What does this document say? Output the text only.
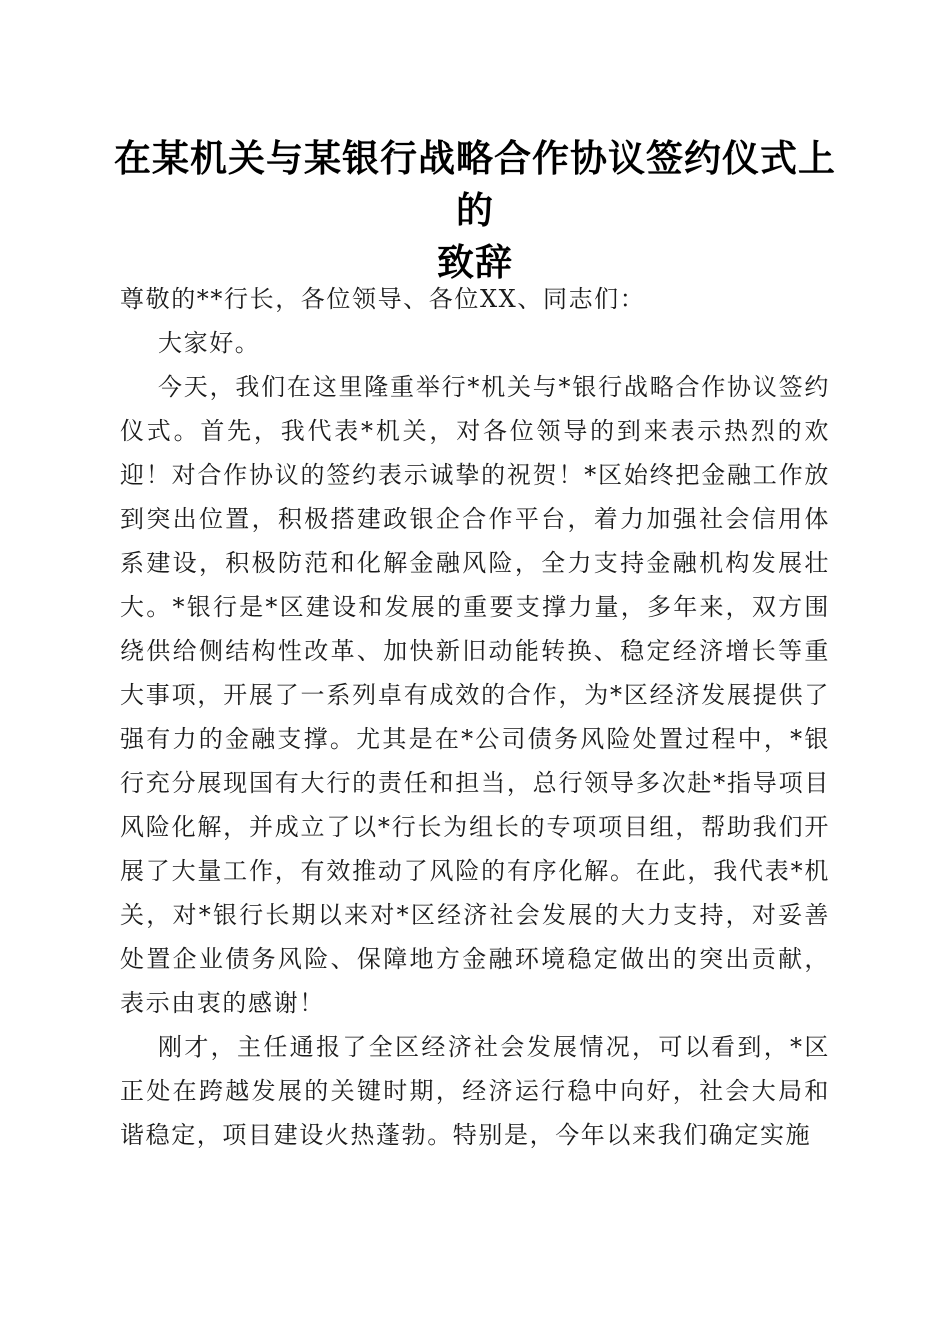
在某机关与某银行战略合作协议签约仪式上的
致辞

尊敬的**行长，各位领导、各位XX、同志们：

大家好。

今天，我们在这里隆重举行*机关与*银行战略合作协议签约仪式。首先，我代表*机关，对各位领导的到来表示热烈的欢迎！对合作协议的签约表示诚挚的祝贺！*区始终把金融工作放到突出位置，积极搭建政银企合作平台，着力加强社会信用体系建设，积极防范和化解金融风险，全力支持金融机构发展壮大。*银行是*区建设和发展的重要支撑力量，多年来，双方围绕供给侧结构性改革、加快新旧动能转换、稳定经济增长等重大事项，开展了一系列卓有成效的合作，为*区经济发展提供了强有力的金融支撑。尤其是在*公司债务风险处置过程中，*银行充分展现国有大行的责任和担当，总行领导多次赴*指导项目风险化解，并成立了以*行长为组长的专项项目组，帮助我们开展了大量工作，有效推动了风险的有序化解。在此，我代表*机关，对*银行长期以来对*区经济社会发展的大力支持，对妥善处置企业债务风险、保障地方金融环境稳定做出的突出贡献，表示由衷的感谢！

刚才，主任通报了全区经济社会发展情况，可以看到，*区正处在跨越发展的关键时期，经济运行稳中向好，社会大局和谐稳定，项目建设火热蓬勃。特别是，今年以来我们确定实施
